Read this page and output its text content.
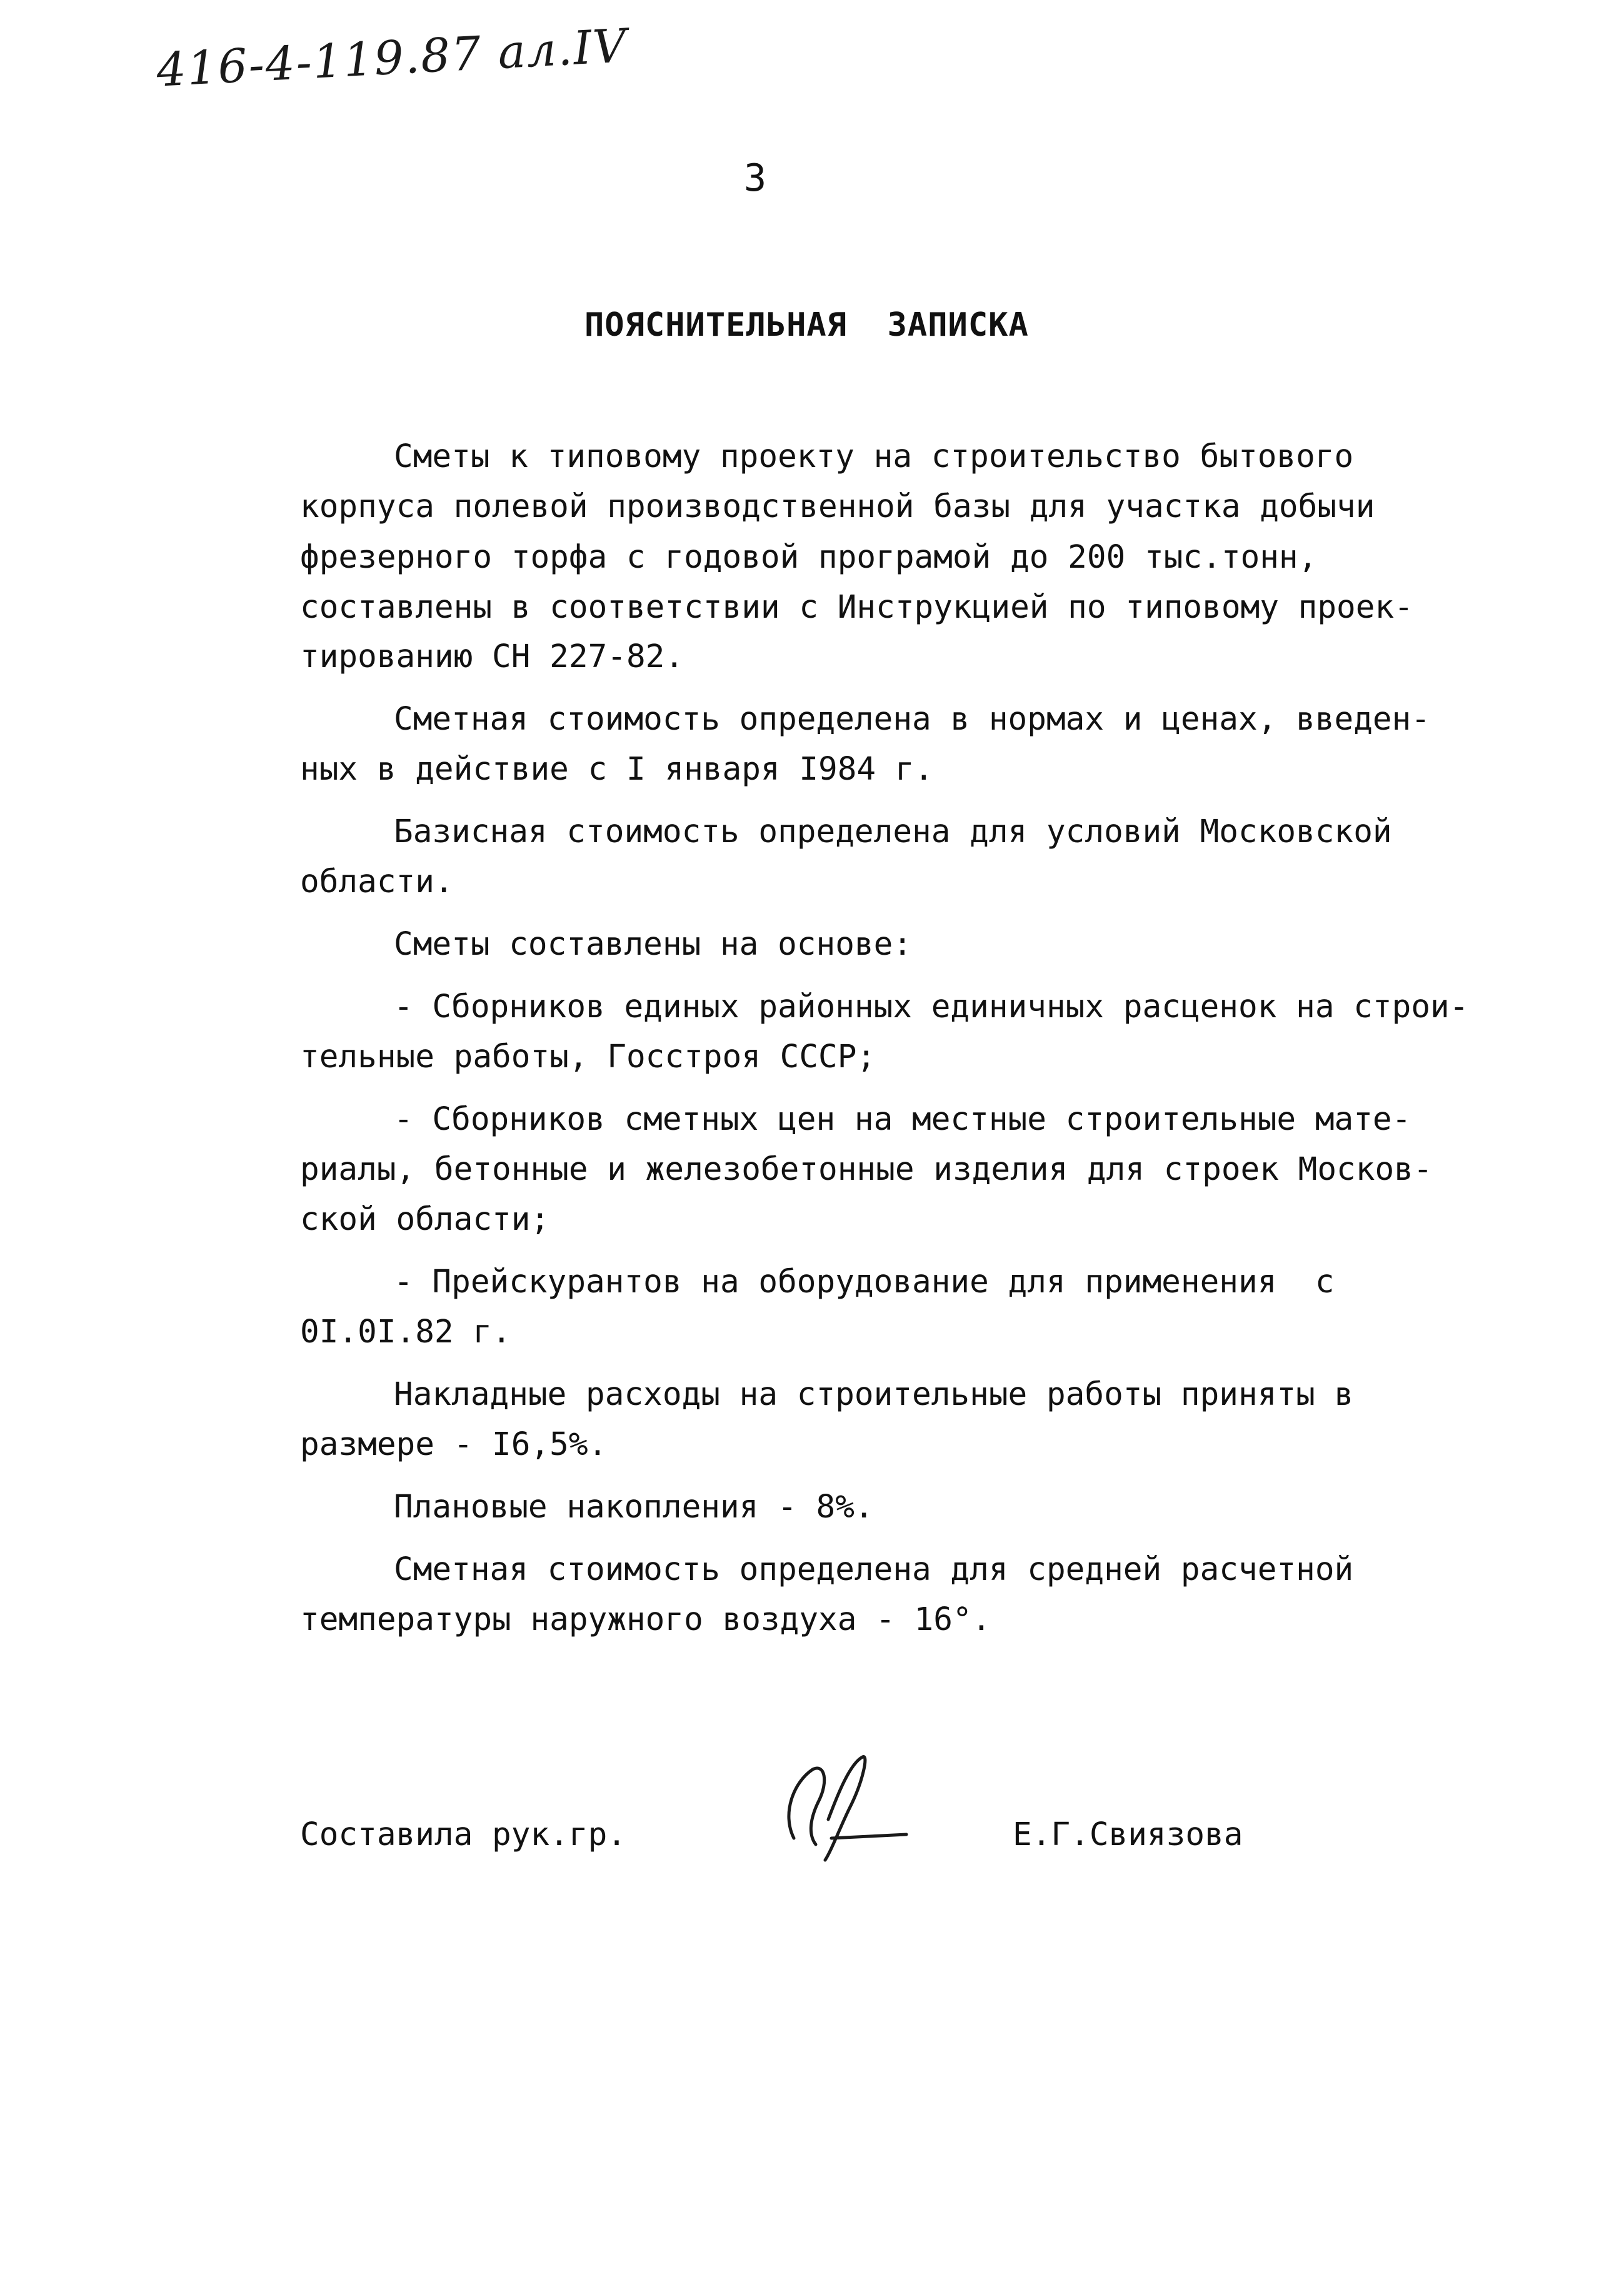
416-4-119.87 ал.IV
3
ПОЯСНИТЕЛЬНАЯ  ЗАПИСКА
Сметы к типовому проекту на строительство бытового
корпуса полевой производственной базы для участка добычи
фрезерного торфа с годовой програмой до 200 тыс.тонн,
составлены в соответствии с Инструкцией по типовому проек-
тированию СН 227-82.
Сметная стоимость определена в нормах и ценах, введен-
ных в действие с I января I984 г.
Базисная стоимость определена для условий Московской
области.
Сметы составлены на основе:
- Сборников единых районных единичных расценок на строи-
тельные работы, Госстроя СССР;
- Сборников сметных цен на местные строительные мате-
риалы, бетонные и железобетонные изделия для строек Москов-
ской области;
- Прейскурантов на оборудование для применения  с
0I.0I.82 г.
Накладные расходы на строительные работы приняты в
размере - I6,5%.
Плановые накопления - 8%.
Сметная стоимость определена для средней расчетной
температуры наружного воздуха - 16°.
Составила рук.гр.	Е.Г.Свиязова
